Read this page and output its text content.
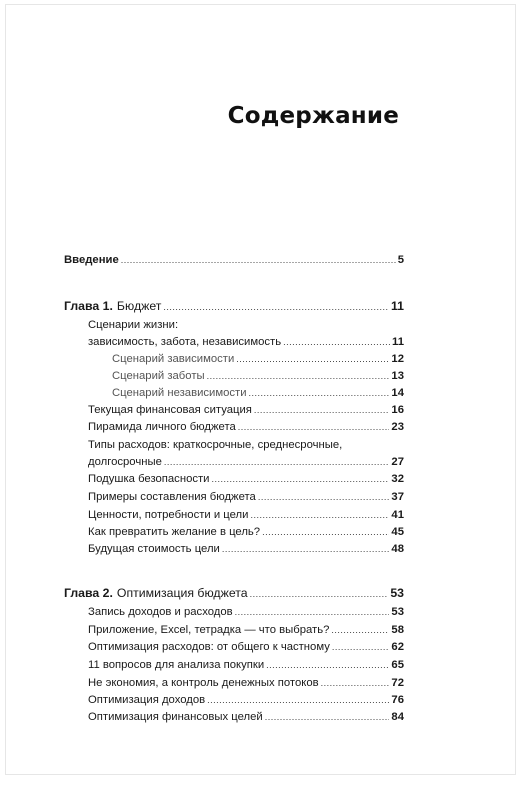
Содержание
Введение .....	5
Глава 1. Бюджет .....	11
Сценарии жизни:
зависимость, забота, независимость .....	11
Сценарий зависимости .....	12
Сценарий заботы .....	13
Сценарий независимости .....	14
Текущая финансовая ситуация .....	16
Пирамида личного бюджета .....	23
Типы расходов: краткосрочные, среднесрочные,
долгосрочные .....	27
Подушка безопасности .....	32
Примеры составления бюджета .....	37
Ценности, потребности и цели .....	41
Как превратить желание в цель? .....	45
Будущая стоимость цели .....	48
Глава 2. Оптимизация бюджета .....	53
Запись доходов и расходов .....	53
Приложение, Excel, тетрадка — что выбрать? .....	58
Оптимизация расходов: от общего к частному .....	62
11 вопросов для анализа покупки .....	65
Не экономия, а контроль денежных потоков .....	72
Оптимизация доходов .....	76
Оптимизация финансовых целей .....	84
